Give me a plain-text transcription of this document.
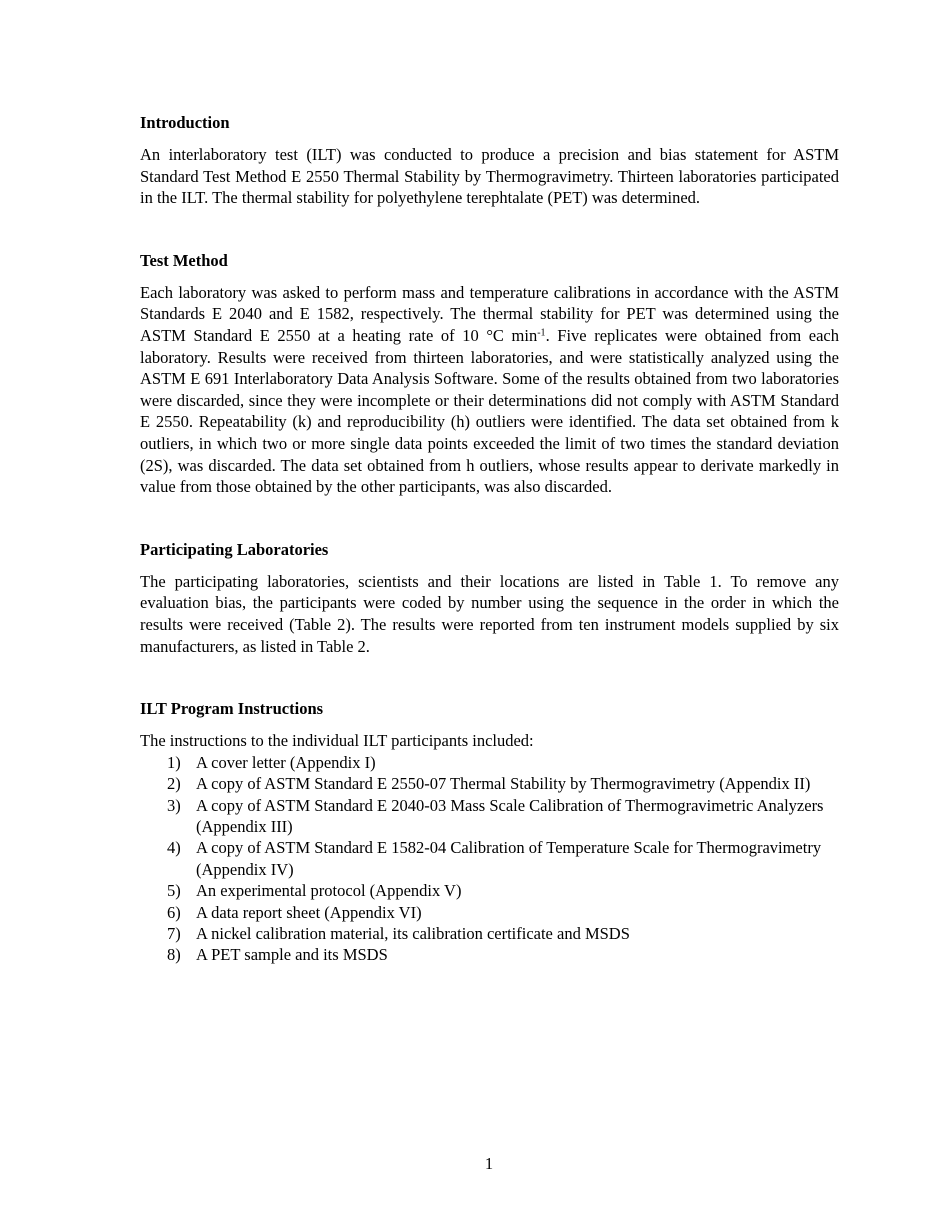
Introduction

An interlaboratory test (ILT) was conducted to produce a precision and bias statement for ASTM Standard Test Method E 2550 Thermal Stability by Thermogravimetry. Thirteen laboratories participated in the ILT. The thermal stability for polyethylene terephtalate (PET) was determined.

Test Method

Each laboratory was asked to perform mass and temperature calibrations in accordance with the ASTM Standards E 2040 and E 1582, respectively. The thermal stability for PET was determined using the ASTM Standard E 2550 at a heating rate of 10 °C $\min^{-1}$. Five replicates were obtained from each laboratory. Results were received from thirteen laboratories, and were statistically analyzed using the ASTM E 691 Interlaboratory Data Analysis Software. Some of the results obtained from two laboratories were discarded, since they were incomplete or their determinations did not comply with ASTM Standard E 2550. Repeatability (k) and reproducibility (h) outliers were identified. The data set obtained from k outliers, in which two or more single data points exceeded the limit of two times the standard deviation (2S), was discarded. The data set obtained from h outliers, whose results appear to derivate markedly in value from those obtained by the other participants, was also discarded.

Participating Laboratories

The participating laboratories, scientists and their locations are listed in Table 1. To remove any evaluation bias, the participants were coded by number using the sequence in the order in which the results were received (Table 2). The results were reported from ten instrument models supplied by six manufacturers, as listed in Table 2.

ILT Program Instructions

The instructions to the individual ILT participants included:

1) A cover letter (Appendix I)
2) A copy of ASTM Standard E 2550-07 Thermal Stability by Thermogravimetry (Appendix II)
3) A copy of ASTM Standard E 2040-03 Mass Scale Calibration of Thermogravimetric Analyzers (Appendix III)
4) A copy of ASTM Standard E 1582-04 Calibration of Temperature Scale for Thermogravimetry (Appendix IV)
5) An experimental protocol (Appendix V)
6) A data report sheet (Appendix VI)
7) A nickel calibration material, its calibration certificate and MSDS
8) A PET sample and its MSDS
1
